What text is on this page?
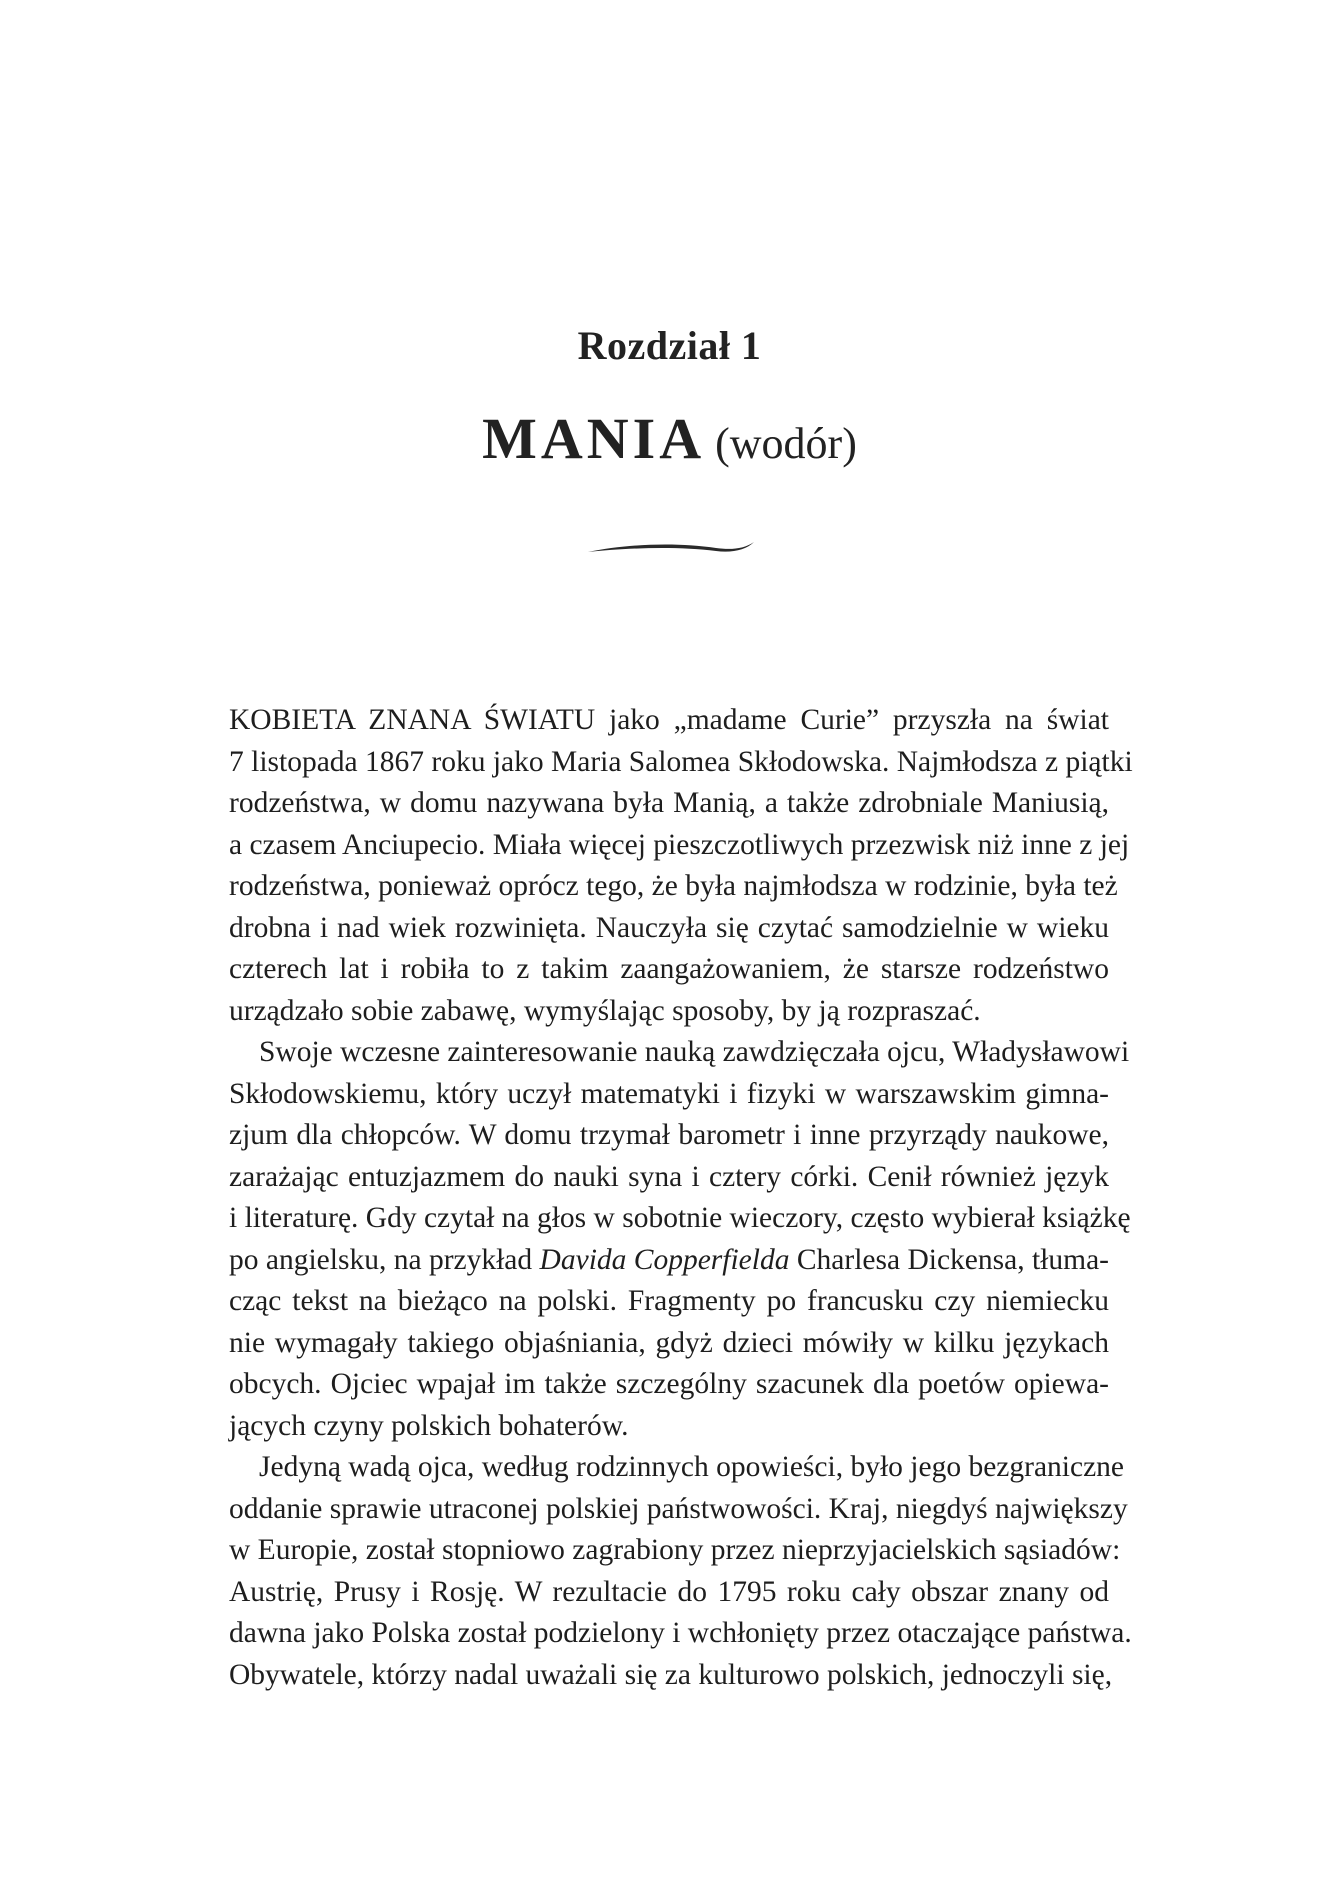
Rozdział 1
MANIA (wodór)
KOBIETA ZNANA ŚWIATU jako „madame Curie” przyszła na świat
7 listopada 1867 roku jako Maria Salomea Skłodowska. Najmłodsza z piątki
rodzeństwa, w domu nazywana była Manią, a także zdrobniale Maniusią,
a czasem Anciupecio. Miała więcej pieszczotliwych przezwisk niż inne z jej
rodzeństwa, ponieważ oprócz tego, że była najmłodsza w rodzinie, była też
drobna i nad wiek rozwinięta. Nauczyła się czytać samodzielnie w wieku
czterech lat i robiła to z takim zaangażowaniem, że starsze rodzeństwo
urządzało sobie zabawę, wymyślając sposoby, by ją rozpraszać.
Swoje wczesne zainteresowanie nauką zawdzięczała ojcu, Władysławowi
Skłodowskiemu, który uczył matematyki i fizyki w warszawskim gimna-
zjum dla chłopców. W domu trzymał barometr i inne przyrządy naukowe,
zarażając entuzjazmem do nauki syna i cztery córki. Cenił również język
i literaturę. Gdy czytał na głos w sobotnie wieczory, często wybierał książkę
po angielsku, na przykład Davida Copperfielda Charlesa Dickensa, tłuma-
cząc tekst na bieżąco na polski. Fragmenty po francusku czy niemiecku
nie wymagały takiego objaśniania, gdyż dzieci mówiły w kilku językach
obcych. Ojciec wpajał im także szczególny szacunek dla poetów opiewa-
jących czyny polskich bohaterów.
Jedyną wadą ojca, według rodzinnych opowieści, było jego bezgraniczne
oddanie sprawie utraconej polskiej państwowości. Kraj, niegdyś największy
w Europie, został stopniowo zagrabiony przez nieprzyjacielskich sąsiadów:
Austrię, Prusy i Rosję. W rezultacie do 1795 roku cały obszar znany od
dawna jako Polska został podzielony i wchłonięty przez otaczające państwa.
Obywatele, którzy nadal uważali się za kulturowo polskich, jednoczyli się,
